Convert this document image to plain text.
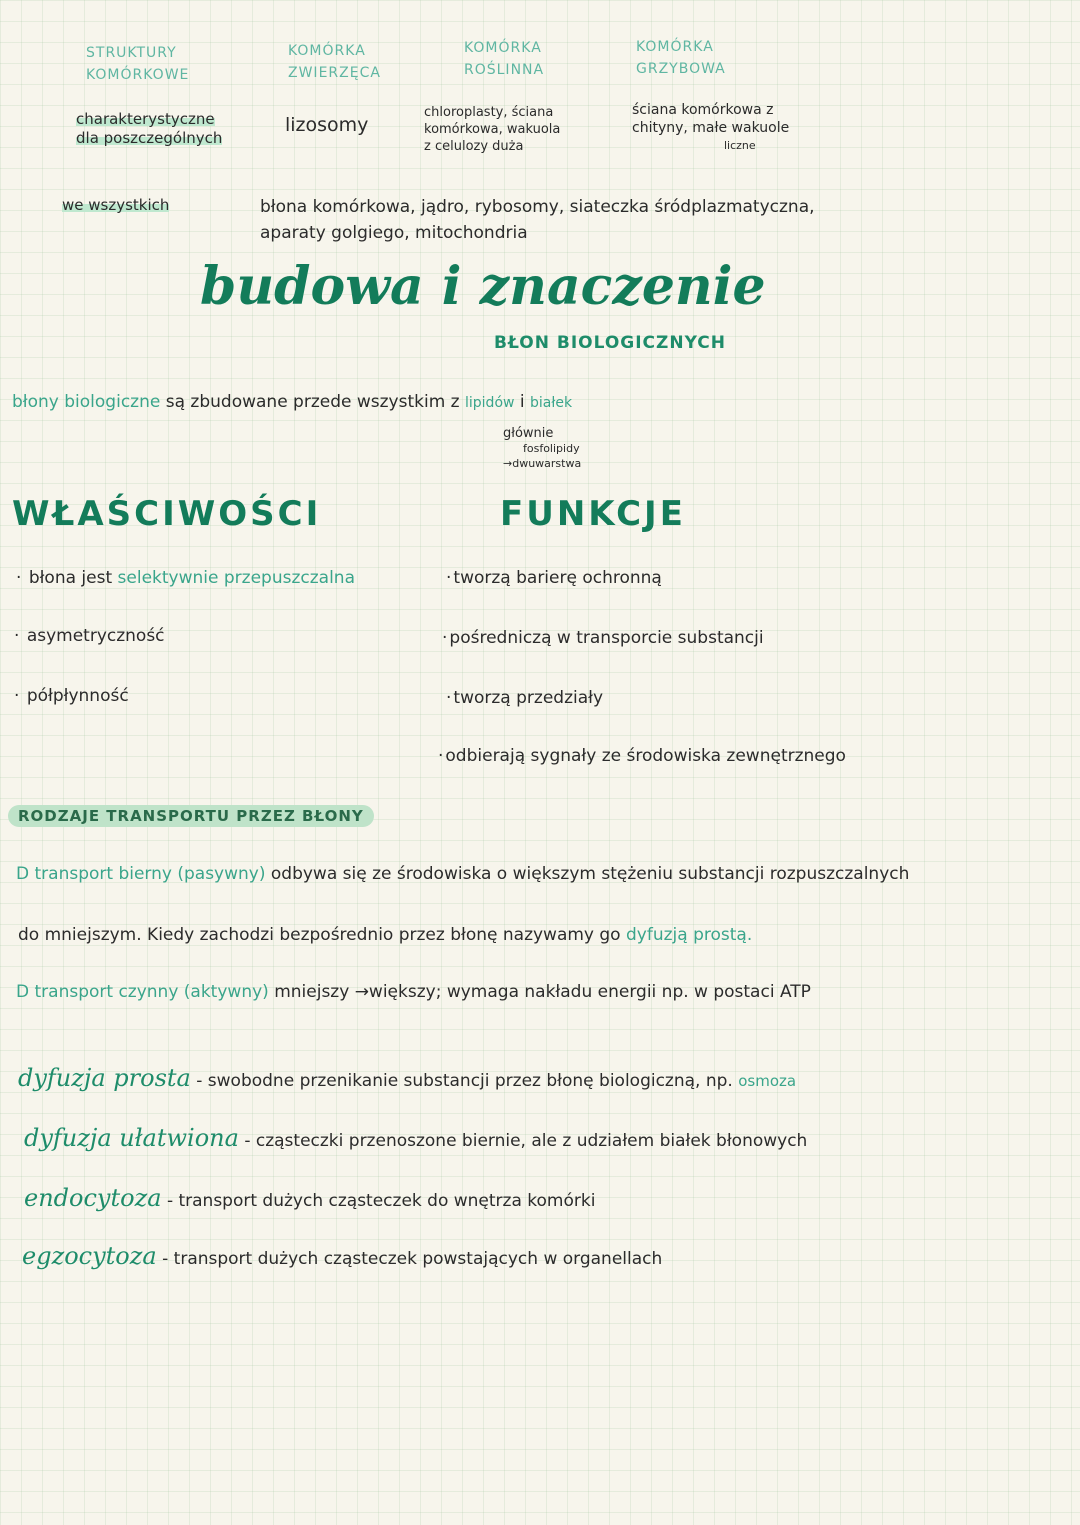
STRUKTURY KOMÓRKOWE
KOMÓRKA ZWIERZĘCA
KOMÓRKA ROŚLINNA
KOMÓRKA GRZYBOWA
charakterystyczne dla poszczególnych
lizosomy
chloroplasty, ściana
komórkowa, wakuola
z celulozy duża
ściana komórkowa z
chityny, małe wakuole
liczne
we wszystkich	błona komórkowa, jądro, rybosomy, siateczka śródplazmatyczna,
aparaty golgiego, mitochondria
budowa i znaczenie
BŁON BIOLOGICZNYCH
błony biologiczne są zbudowane przede wszystkim z lipidów i białek
głównie
fosfolipidy
→dwuwarstwa
WŁAŚCIWOŚCI
· błona jest selektywnie przepuszczalna
· asymetryczność
· półpłynność
FUNKCJE
· tworzą barierę ochronną
· pośredniczą w transporcie substancji
· tworzą przedziały
· odbierają sygnały ze środowiska zewnętrznego
RODZAJE TRANSPORTU PRZEZ BŁONY
D transport bierny (pasywny) odbywa się ze środowiska o większym stężeniu substancji rozpuszczalnych
do mniejszym. Kiedy zachodzi bezpośrednio przez błonę nazywamy go dyfuzją prostą.
D transport czynny (aktywny) mniejszy →większy; wymaga nakładu energii np. w postaci ATP
dyfuzja prosta - swobodne przenikanie substancji przez błonę biologiczną, np. osmoza
dyfuzja ułatwiona - cząsteczki przenoszone biernie, ale z udziałem białek błonowych
endocytoza - transport dużych cząsteczek do wnętrza komórki
egzocytoza - transport dużych cząsteczek powstających w organellach
